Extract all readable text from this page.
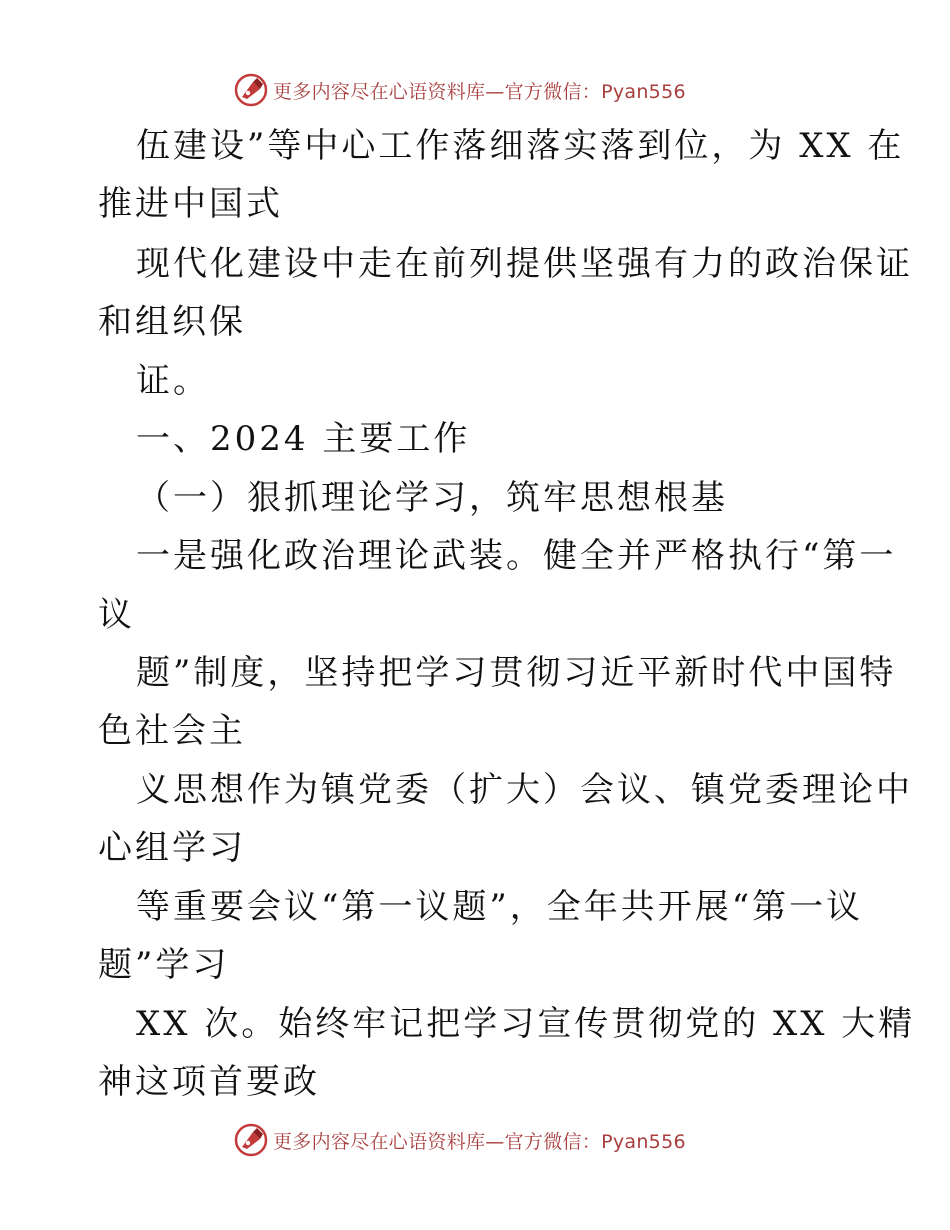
更多内容尽在心语资料库—官方微信：Pyan556
伍建设”等中心工作落细落实落到位，为 XX 在
推进中国式
现代化建设中走在前列提供坚强有力的政治保证
和组织保
证。
一、2024 主要工作
（一）狠抓理论学习，筑牢思想根基
一是强化政治理论武装。健全并严格执行“第一
议
题”制度，坚持把学习贯彻习近平新时代中国特
色社会主
义思想作为镇党委（扩大）会议、镇党委理论中
心组学习
等重要会议“第一议题”，全年共开展“第一议
题”学习
XX 次。始终牢记把学习宣传贯彻党的 XX 大精
神这项首要政
更多内容尽在心语资料库—官方微信：Pyan556
